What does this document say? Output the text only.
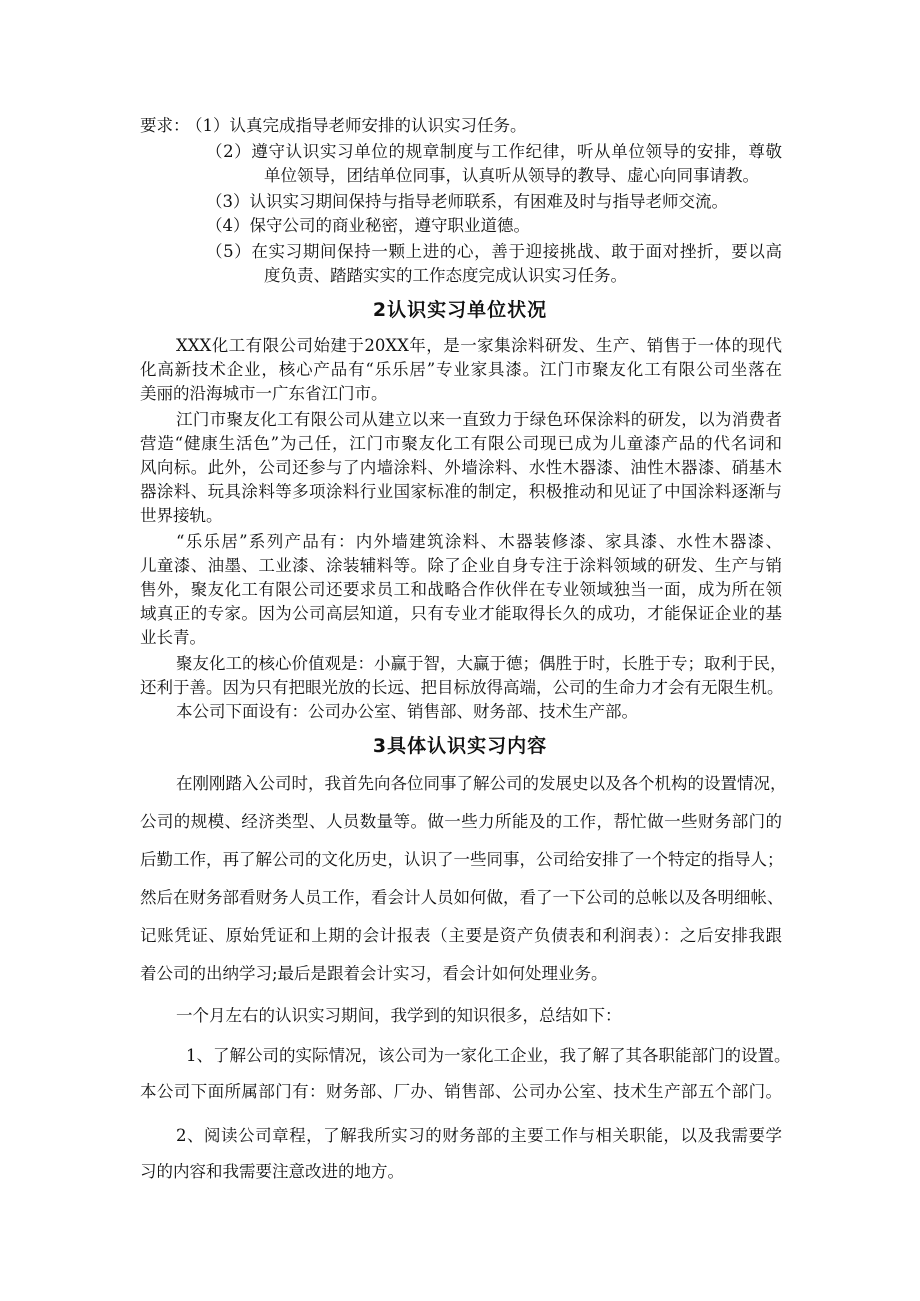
要求：
（1）认真完成指导老师安排的认识实习任务。
（2）遵守认识实习单位的规章制度与工作纪律，听从单位领导的安排，尊敬
单位领导，团结单位同事，认真听从领导的教导、虚心向同事请教。
（3）认识实习期间保持与指导老师联系，有困难及时与指导老师交流。
（4）保守公司的商业秘密，遵守职业道德。
（5）在实习期间保持一颗上进的心，善于迎接挑战、敢于面对挫折，要以高
度负责、踏踏实实的工作态度完成认识实习任务。
2认识实习单位状况
XXX化工有限公司始建于20XX年，是一家集涂料研发、生产、销售于一体的现代
化高新技术企业，核心产品有“乐乐居”专业家具漆。江门市聚友化工有限公司坐落在
美丽的沿海城市一广东省江门市。
江门市聚友化工有限公司从建立以来一直致力于绿色环保涂料的研发，以为消费者
营造“健康生活色”为己任，江门市聚友化工有限公司现已成为儿童漆产品的代名词和
风向标。此外，公司还参与了内墙涂料、外墙涂料、水性木器漆、油性木器漆、硝基木
器涂料、玩具涂料等多项涂料行业国家标准的制定，积极推动和见证了中国涂料逐渐与
世界接轨。
“乐乐居”系列产品有：内外墙建筑涂料、木器装修漆、家具漆、水性木器漆、
儿童漆、油墨、工业漆、涂装辅料等。除了企业自身专注于涂料领域的研发、生产与销
售外，聚友化工有限公司还要求员工和战略合作伙伴在专业领域独当一面，成为所在领
域真正的专家。因为公司高层知道，只有专业才能取得长久的成功，才能保证企业的基
业长青。
聚友化工的核心价值观是：小赢于智，大赢于德；偶胜于时，长胜于专；取利于民，
还利于善。因为只有把眼光放的长远、把目标放得高端，公司的生命力才会有无限生机。
本公司下面设有：公司办公室、销售部、财务部、技术生产部。
3具体认识实习内容
在刚刚踏入公司时，我首先向各位同事了解公司的发展史以及各个机构的设置情况，
公司的规模、经济类型、人员数量等。做一些力所能及的工作，帮忙做一些财务部门的
后勤工作，再了解公司的文化历史，认识了一些同事，公司给安排了一个特定的指导人；
然后在财务部看财务人员工作，看会计人员如何做，看了一下公司的总帐以及各明细帐、
记账凭证、原始凭证和上期的会计报表（主要是资产负债表和利润表）：之后安排我跟
着公司的出纳学习;最后是跟着会计实习，看会计如何处理业务。
一个月左右的认识实习期间，我学到的知识很多，总结如下：
1、了解公司的实际情况，该公司为一家化工企业，我了解了其各职能部门的设置。
本公司下面所属部门有：财务部、厂办、销售部、公司办公室、技术生产部五个部门。
2、阅读公司章程，了解我所实习的财务部的主要工作与相关职能，以及我需要学
习的内容和我需要注意改进的地方。
